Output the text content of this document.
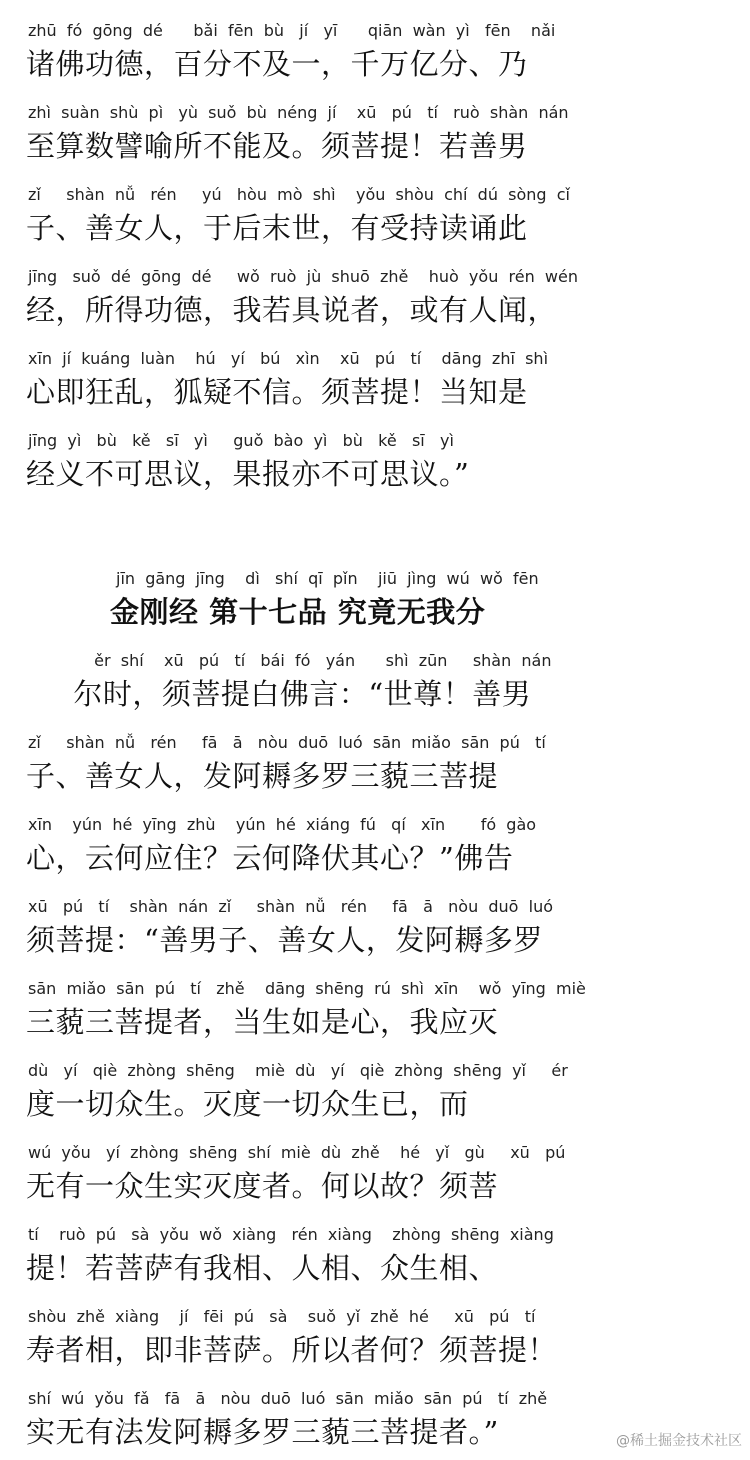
zhū  fó  gōng  dé      bǎi  fēn  bù   jí   yī      qiān  wàn  yì   fēn    nǎi
诸佛功德，百分不及一，千万亿分、乃
zhì  suàn  shù  pì   yù  suǒ  bù  néng  jí    xū   pú   tí   ruò  shàn  nán
至算数譬喻所不能及。须菩提！若善男
zǐ     shàn  nǚ   rén     yú   hòu  mò  shì    yǒu  shòu  chí  dú  sòng  cǐ
子、善女人，于后末世，有受持读诵此
jīng   suǒ  dé  gōng  dé     wǒ  ruò  jù  shuō  zhě    huò  yǒu  rén  wén
经，所得功德，我若具说者，或有人闻，
xīn  jí  kuáng  luàn    hú   yí   bú   xìn    xū   pú   tí    dāng  zhī  shì
心即狂乱，狐疑不信。须菩提！当知是
jīng  yì   bù   kě   sī   yì     guǒ  bào  yì   bù   kě   sī   yì
经义不可思议，果报亦不可思议。”
jīn  gāng  jīng    dì   shí  qī  pǐn    jiū  jìng  wú  wǒ  fēn
金刚经 第十七品 究竟无我分
ěr  shí    xū   pú   tí   bái  fó   yán      shì  zūn     shàn  nán
尔时，须菩提白佛言：“世尊！善男
zǐ     shàn  nǚ   rén     fā   ā   nòu  duō  luó  sān  miǎo  sān  pú   tí
子、善女人，发阿耨多罗三藐三菩提
xīn    yún  hé  yīng  zhù    yún  hé  xiáng  fú   qí   xīn       fó  gào
心，云何应住？云何降伏其心？”佛告
xū   pú   tí    shàn  nán  zǐ     shàn  nǚ   rén     fā   ā   nòu  duō  luó
须菩提：“善男子、善女人，发阿耨多罗
sān  miǎo  sān  pú   tí   zhě    dāng  shēng  rú  shì  xīn    wǒ  yīng  miè
三藐三菩提者，当生如是心，我应灭
dù   yí   qiè  zhòng  shēng    miè  dù   yí   qiè  zhòng  shēng  yǐ     ér
度一切众生。灭度一切众生已，而
wú  yǒu   yí  zhòng  shēng  shí  miè  dù  zhě    hé   yǐ   gù     xū   pú
无有一众生实灭度者。何以故？须菩
tí    ruò  pú   sà  yǒu  wǒ  xiàng   rén  xiàng    zhòng  shēng  xiàng
提！若菩萨有我相、人相、众生相、
shòu  zhě  xiàng    jí   fēi  pú   sà    suǒ  yǐ  zhě  hé     xū   pú   tí
寿者相，即非菩萨。所以者何？须菩提！
shí  wú  yǒu  fǎ   fā   ā   nòu  duō  luó  sān  miǎo  sān  pú   tí  zhě
实无有法发阿耨多罗三藐三菩提者。”	@稀土掘金技术社区
